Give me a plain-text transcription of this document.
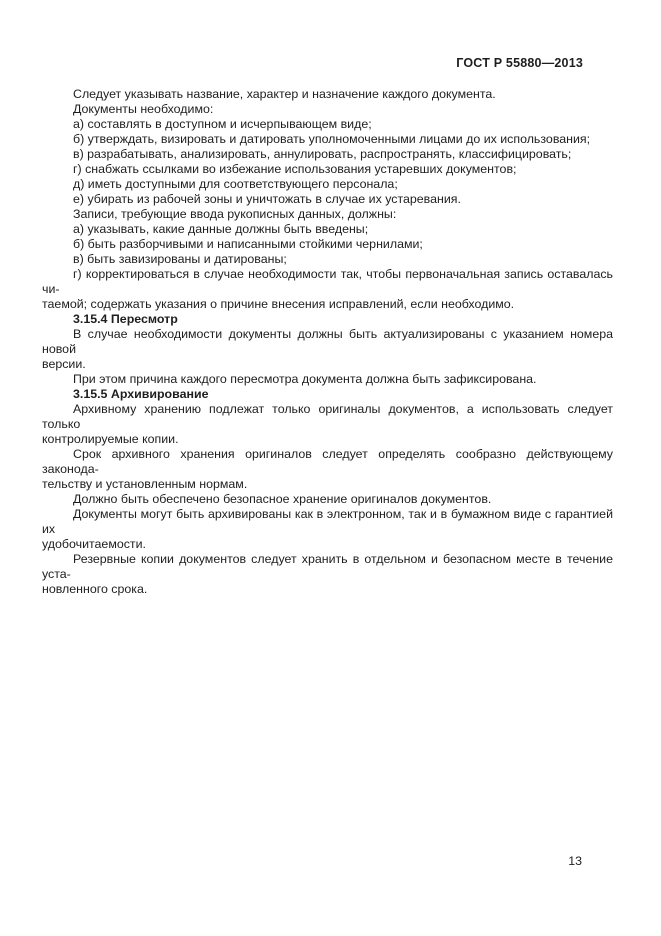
ГОСТ Р 55880—2013
Следует указывать название, характер и назначение каждого документа.
Документы необходимо:
а) составлять в доступном и исчерпывающем виде;
б) утверждать, визировать и датировать уполномоченными лицами до их использования;
в) разрабатывать, анализировать, аннулировать, распространять, классифицировать;
г) снабжать ссылками во избежание использования устаревших документов;
д) иметь доступными для соответствующего персонала;
е) убирать из рабочей зоны и уничтожать в случае их устаревания.
Записи, требующие ввода рукописных данных, должны:
а) указывать, какие данные должны быть введены;
б) быть разборчивыми и написанными стойкими чернилами;
в) быть завизированы и датированы;
г) корректироваться в случае необходимости так, чтобы первоначальная запись оставалась чи-
таемой; содержать указания о причине внесения исправлений, если необходимо.
3.15.4 Пересмотр
В случае необходимости документы должны быть актуализированы с указанием номера новой
версии.
При этом причина каждого пересмотра документа должна быть зафиксирована.
3.15.5 Архивирование
Архивному хранению подлежат только оригиналы документов, а использовать следует только
контролируемые копии.
Срок архивного хранения оригиналов следует определять сообразно действующему законода-
тельству и установленным нормам.
Должно быть обеспечено безопасное хранение оригиналов документов.
Документы могут быть архивированы как в электронном, так и в бумажном виде с гарантией их
удобочитаемости.
Резервные копии документов следует хранить в отдельном и безопасном месте в течение уста-
новленного срока.
13
